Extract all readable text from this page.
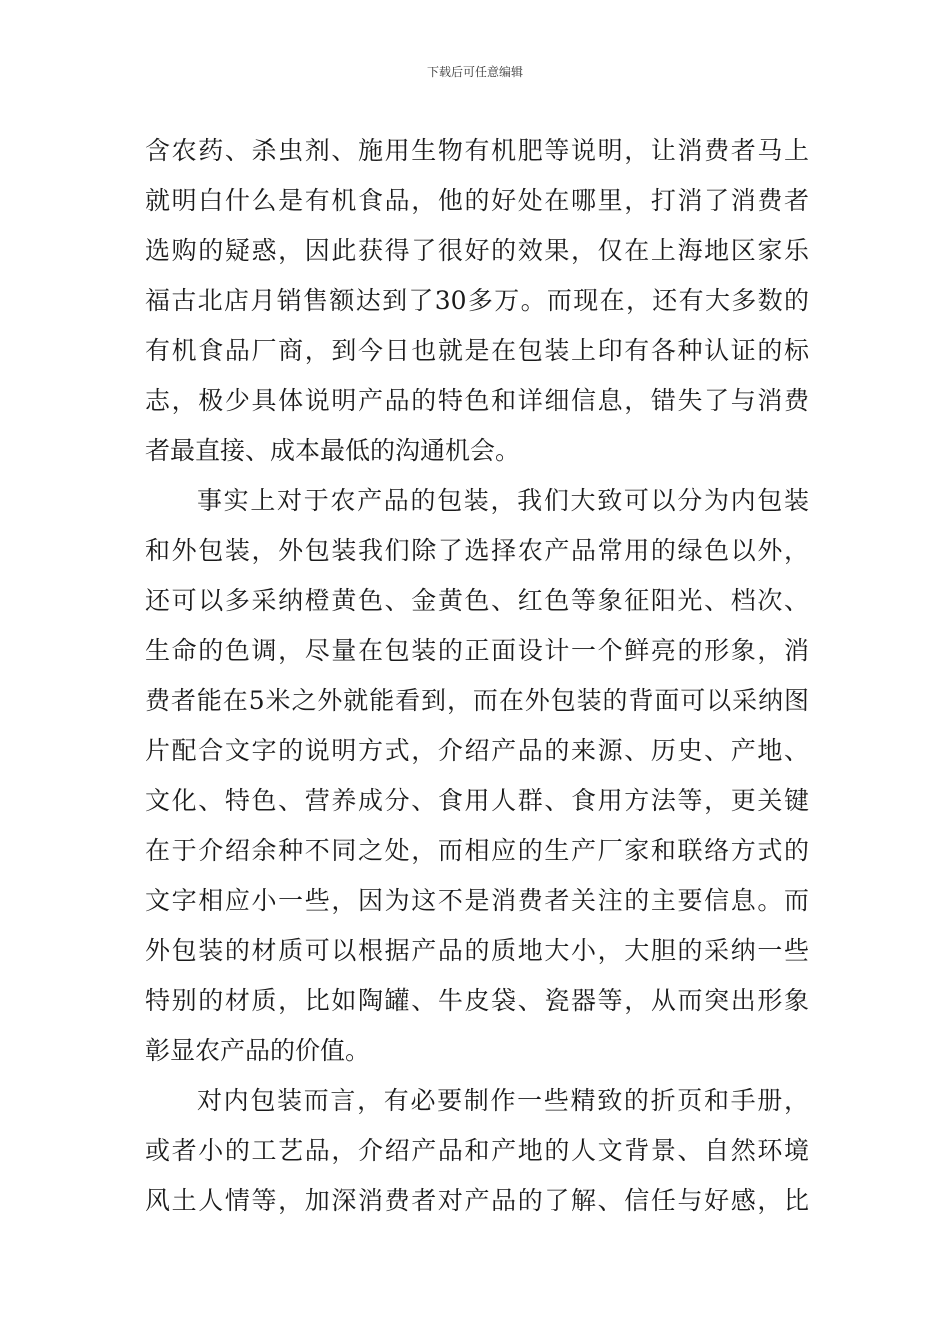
下载后可任意编辑
含农药、杀虫剂、施用生物有机肥等说明，让消费者马上
就明白什么是有机食品，他的好处在哪里，打消了消费者
选购的疑惑，因此获得了很好的效果，仅在上海地区家乐
福古北店月销售额达到了30多万。而现在，还有大多数的
有机食品厂商，到今日也就是在包装上印有各种认证的标
志，极少具体说明产品的特色和详细信息，错失了与消费
者最直接、成本最低的沟通机会。
事实上对于农产品的包装，我们大致可以分为内包装
和外包装，外包装我们除了选择农产品常用的绿色以外，
还可以多采纳橙黄色、金黄色、红色等象征阳光、档次、
生命的色调，尽量在包装的正面设计一个鲜亮的形象，消
费者能在5米之外就能看到，而在外包装的背面可以采纳图
片配合文字的说明方式，介绍产品的来源、历史、产地、
文化、特色、营养成分、食用人群、食用方法等，更关键
在于介绍余种不同之处，而相应的生产厂家和联络方式的
文字相应小一些，因为这不是消费者关注的主要信息。而
外包装的材质可以根据产品的质地大小，大胆的采纳一些
特别的材质，比如陶罐、牛皮袋、瓷器等，从而突出形象
彰显农产品的价值。
对内包装而言，有必要制作一些精致的折页和手册，
或者小的工艺品，介绍产品和产地的人文背景、自然环境
风土人情等，加深消费者对产品的了解、信任与好感，比
